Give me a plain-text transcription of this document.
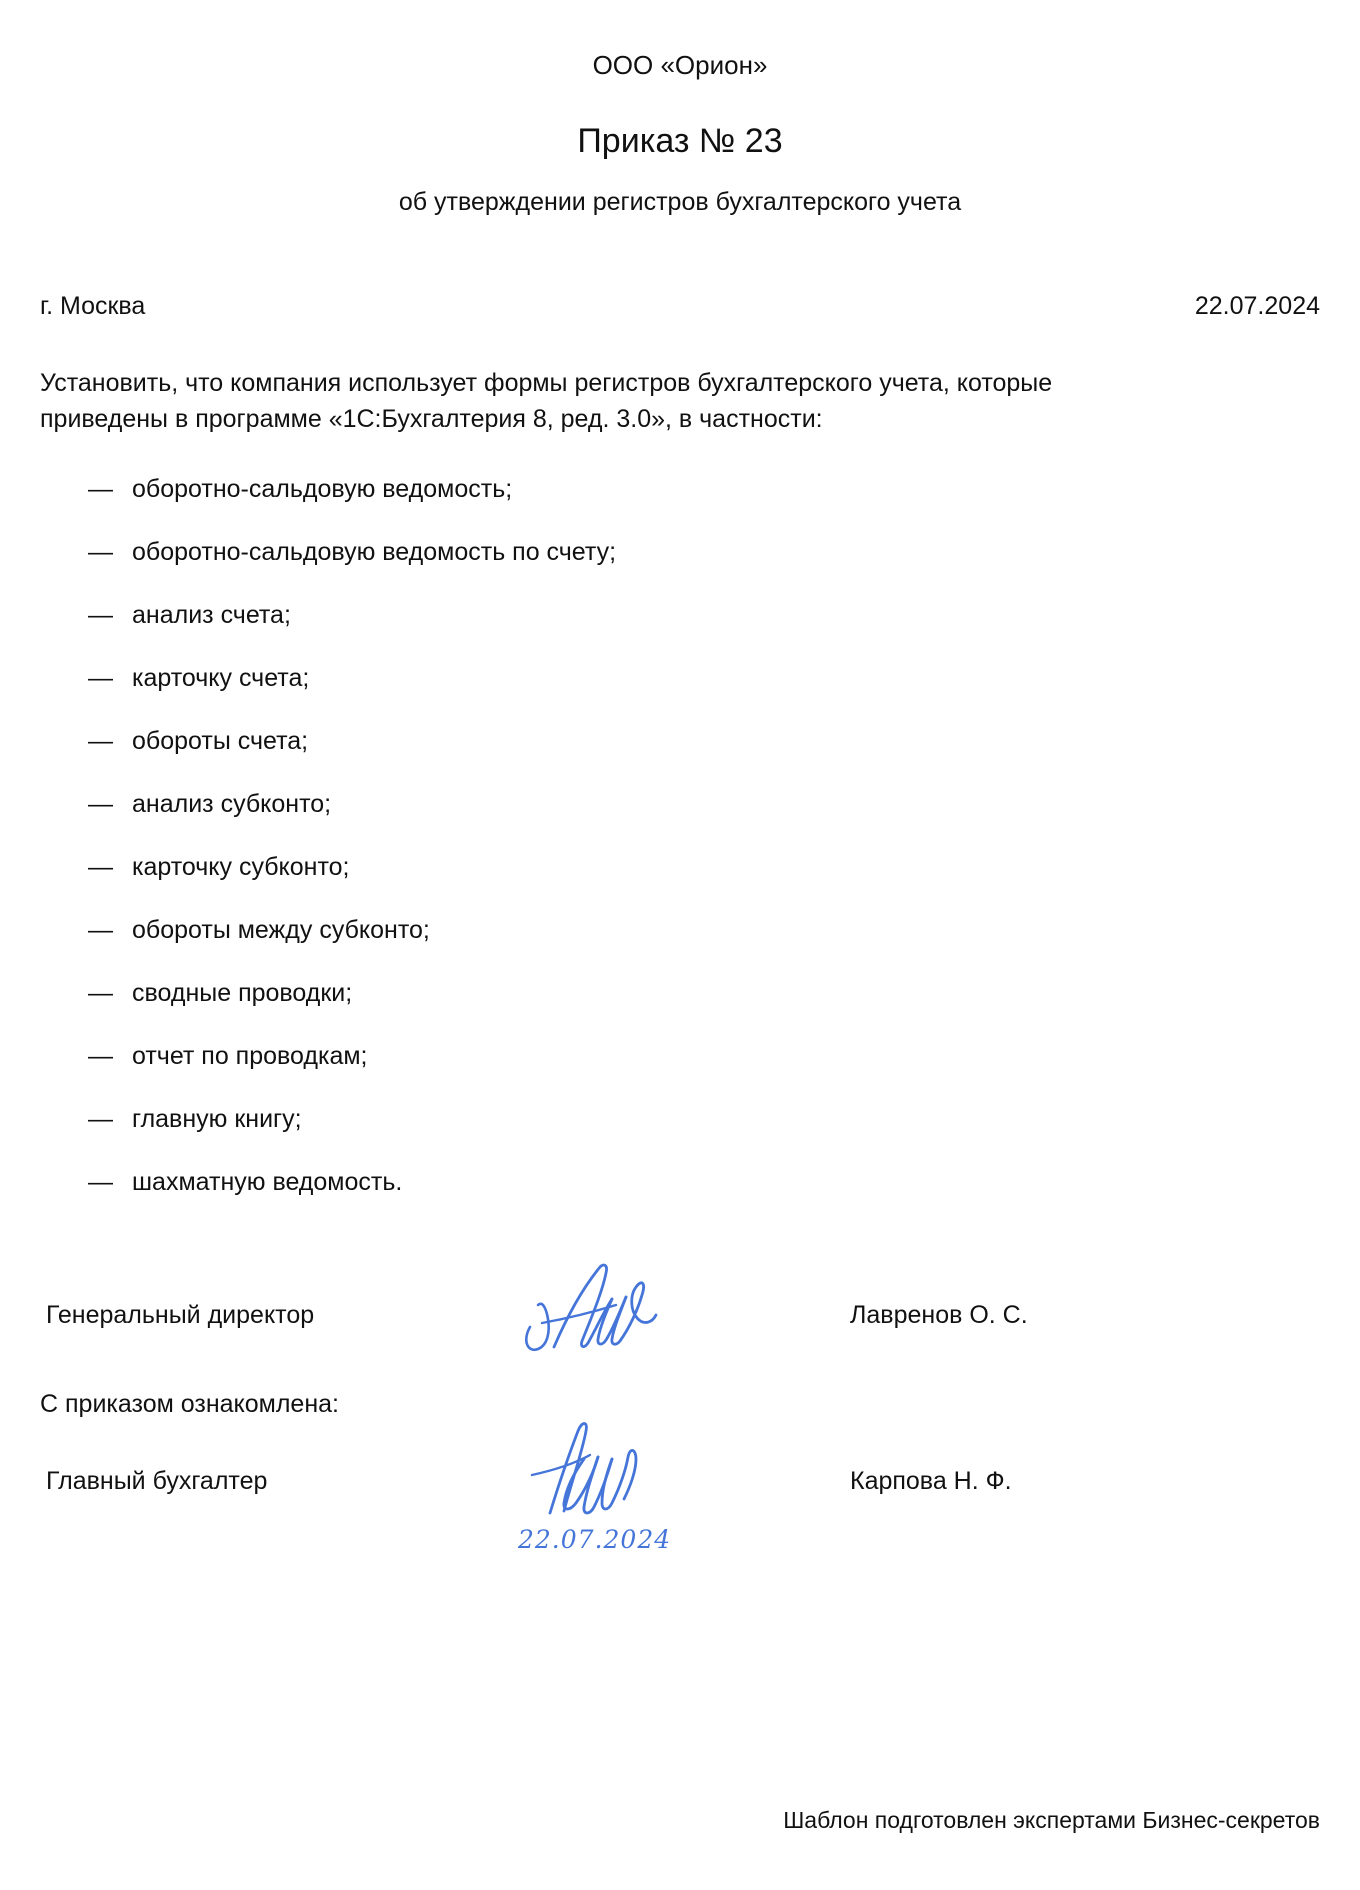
ООО «Орион»
Приказ № 23
об утверждении регистров бухгалтерского учета
г. Москва	22.07.2024
Установить, что компания использует формы регистров бухгалтерского учета, которые приведены в программе «1С:Бухгалтерия 8, ред. 3.0», в частности:
— оборотно-сальдовую ведомость;
— оборотно-сальдовую ведомость по счету;
— анализ счета;
— карточку счета;
— обороты счета;
— анализ субконто;
— карточку субконто;
— обороты между субконто;
— сводные проводки;
— отчет по проводкам;
— главную книгу;
— шахматную ведомость.
Генеральный директор	Лавренов О. С.
С приказом ознакомлена:
Главный бухгалтер
22.07.2024
Карпова Н. Ф.
Шаблон подготовлен экспертами Бизнес-секретов
